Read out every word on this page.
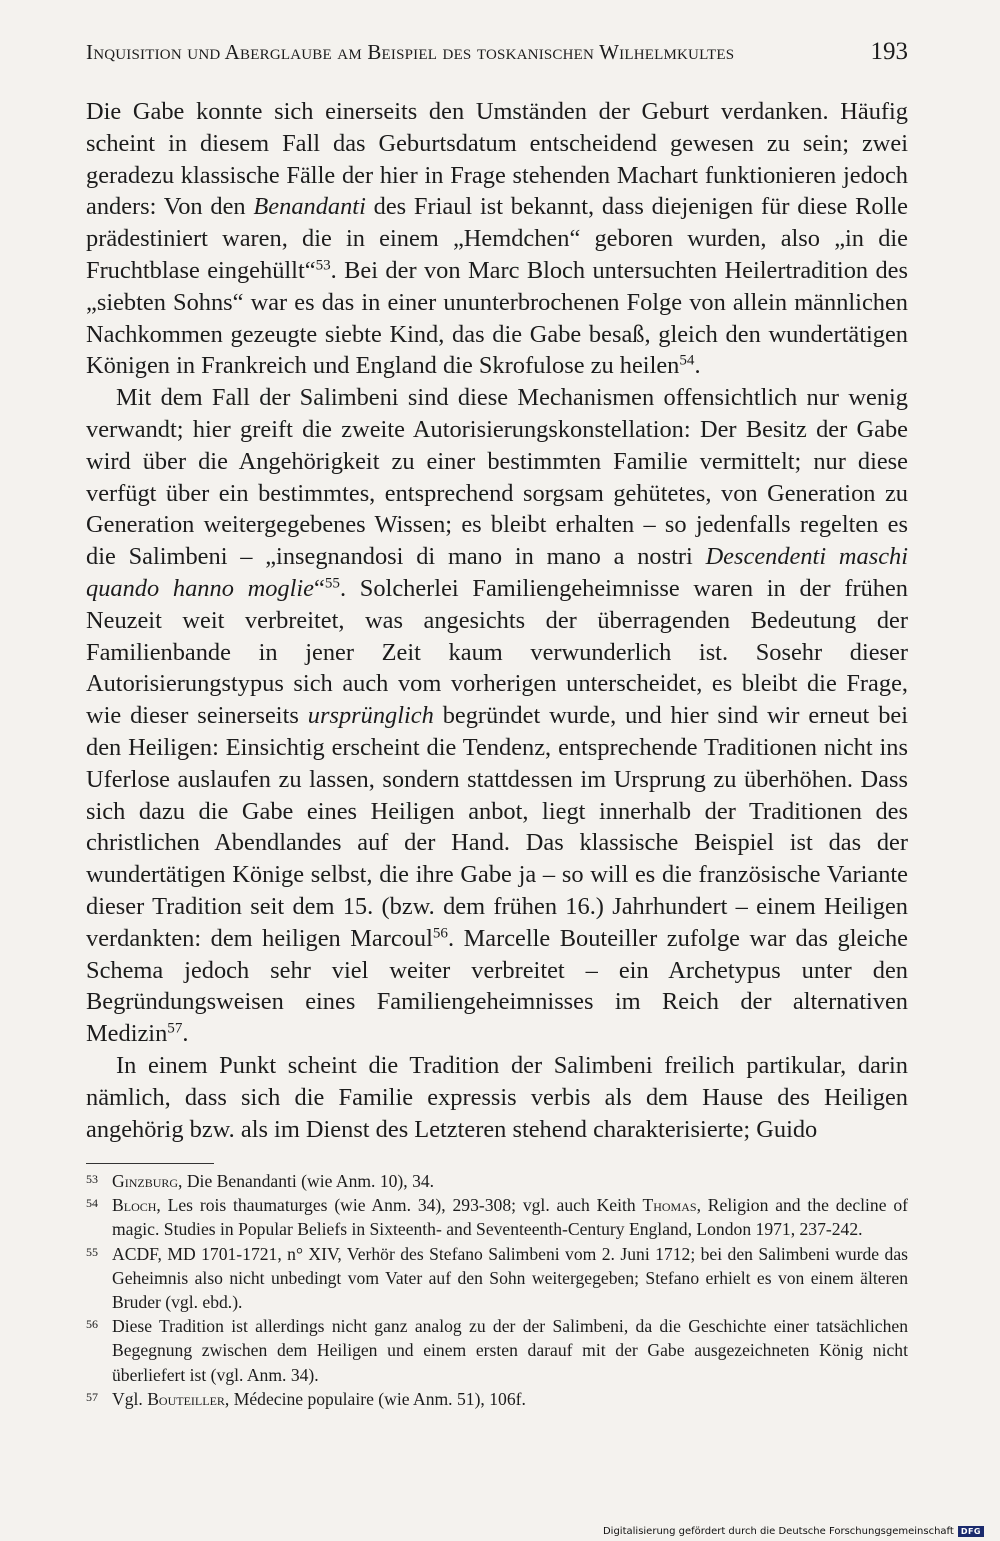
Inquisition und Aberglaube am Beispiel des toskanischen Wilhelmkultes	193

Die Gabe konnte sich einerseits den Umständen der Geburt verdanken. Häufig scheint in diesem Fall das Geburtsdatum entscheidend gewesen zu sein; zwei geradezu klassische Fälle der hier in Frage stehenden Machart funktionieren jedoch anders: Von den Benandanti des Friaul ist bekannt, dass diejenigen für diese Rolle prädestiniert waren, die in einem „Hemdchen“ geboren wurden, also „in die Fruchtblase eingehüllt“$^{53}$. Bei der von Marc Bloch untersuchten Heilertradition des „siebten Sohns“ war es das in einer ununterbrochenen Folge von allein männlichen Nachkommen gezeugte siebte Kind, das die Gabe besaß, gleich den wundertätigen Königen in Frankreich und England die Skrofulose zu heilen$^{54}$.

Mit dem Fall der Salimbeni sind diese Mechanismen offensichtlich nur wenig verwandt; hier greift die zweite Autorisierungskonstellation: Der Besitz der Gabe wird über die Angehörigkeit zu einer bestimmten Familie vermittelt; nur diese verfügt über ein bestimmtes, entsprechend sorgsam gehütetes, von Generation zu Generation weitergegebenes Wissen; es bleibt erhalten – so jedenfalls regelten es die Salimbeni – „insegnandosi di mano in mano a nostri Descendenti maschi quando hanno moglie“$^{55}$. Solcherlei Familiengeheimnisse waren in der frühen Neuzeit weit verbreitet, was angesichts der überragenden Bedeutung der Familienbande in jener Zeit kaum verwunderlich ist. Sosehr dieser Autorisierungstypus sich auch vom vorherigen unterscheidet, es bleibt die Frage, wie dieser seinerseits ursprünglich begründet wurde, und hier sind wir erneut bei den Heiligen: Einsichtig erscheint die Tendenz, entsprechende Traditionen nicht ins Uferlose auslaufen zu lassen, sondern stattdessen im Ursprung zu überhöhen. Dass sich dazu die Gabe eines Heiligen anbot, liegt innerhalb der Traditionen des christlichen Abendlandes auf der Hand. Das klassische Beispiel ist das der wundertätigen Könige selbst, die ihre Gabe ja – so will es die französische Variante dieser Tradition seit dem 15. (bzw. dem frühen 16.) Jahrhundert – einem Heiligen verdankten: dem heiligen Marcoul$^{56}$. Marcelle Bouteiller zufolge war das gleiche Schema jedoch sehr viel weiter verbreitet – ein Archetypus unter den Begründungsweisen eines Familiengeheimnisses im Reich der alternativen Medizin$^{57}$.

In einem Punkt scheint die Tradition der Salimbeni freilich partikular, darin nämlich, dass sich die Familie expressis verbis als dem Hause des Heiligen angehörig bzw. als im Dienst des Letzteren stehend charakterisierte; Guido

53 Ginzburg, Die Benandanti (wie Anm. 10), 34.
54 Bloch, Les rois thaumaturges (wie Anm. 34), 293-308; vgl. auch Keith Thomas, Religion and the decline of magic. Studies in Popular Beliefs in Sixteenth- and Seventeenth-Century England, London 1971, 237-242.
55 ACDF, MD 1701-1721, n° XIV, Verhör des Stefano Salimbeni vom 2. Juni 1712; bei den Salimbeni wurde das Geheimnis also nicht unbedingt vom Vater auf den Sohn weitergegeben; Stefano erhielt es von einem älteren Bruder (vgl. ebd.).
56 Diese Tradition ist allerdings nicht ganz analog zu der der Salimbeni, da die Geschichte einer tatsächlichen Begegnung zwischen dem Heiligen und einem ersten darauf mit der Gabe ausgezeichneten König nicht überliefert ist (vgl. Anm. 34).
57 Vgl. Bouteiller, Médecine populaire (wie Anm. 51), 106f.
Digitalisierung gefördert durch die Deutsche Forschungsgemeinschaft DFG
